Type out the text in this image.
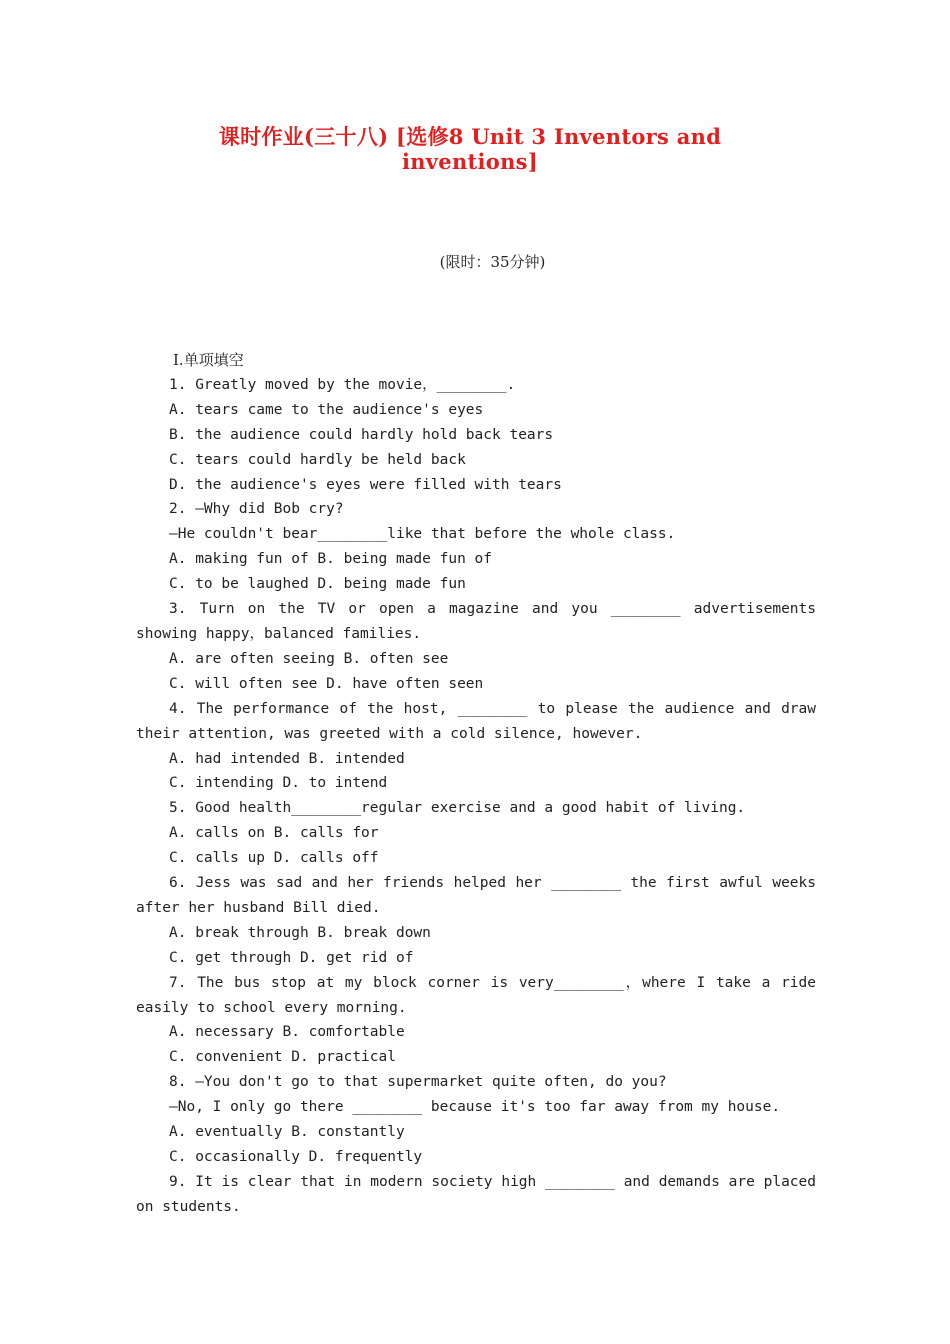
课时作业(三十八) [选修8 Unit 3 Inventors and
inventions]
(限时：35分钟)
Ⅰ.单项填空
1. Greatly moved by the movie，________.
A. tears came to the audience's eyes
B. the audience could hardly hold back tears
C. tears could hardly be held back
D. the audience's eyes were filled with tears
2. —Why did Bob cry?
—He couldn't bear________like that before the whole class.
A. making fun of B. being made fun of
C. to be laughed D. being made fun
3. Turn on the TV or open a magazine and you ________ advertisements showing happy，balanced families.
A. are often seeing B. often see
C. will often see D. have often seen
4. The performance of the host, ________ to please the audience and draw their attention, was greeted with a cold silence, however.
A. had intended B. intended
C. intending D. to intend
5. Good health________regular exercise and a good habit of living.
A. calls on B. calls for
C. calls up D. calls off
6. Jess was sad and her friends helped her ________ the first awful weeks after her husband Bill died.
A. break through B. break down
C. get through D. get rid of
7. The bus stop at my block corner is very________，where I take a ride easily to school every morning.
A. necessary B. comfortable
C. convenient D. practical
8. —You don't go to that supermarket quite often, do you?
—No, I only go there ________ because it's too far away from my house.
A. eventually B. constantly
C. occasionally D. frequently
9. It is clear that in modern society high ________ and demands are placed on students.
